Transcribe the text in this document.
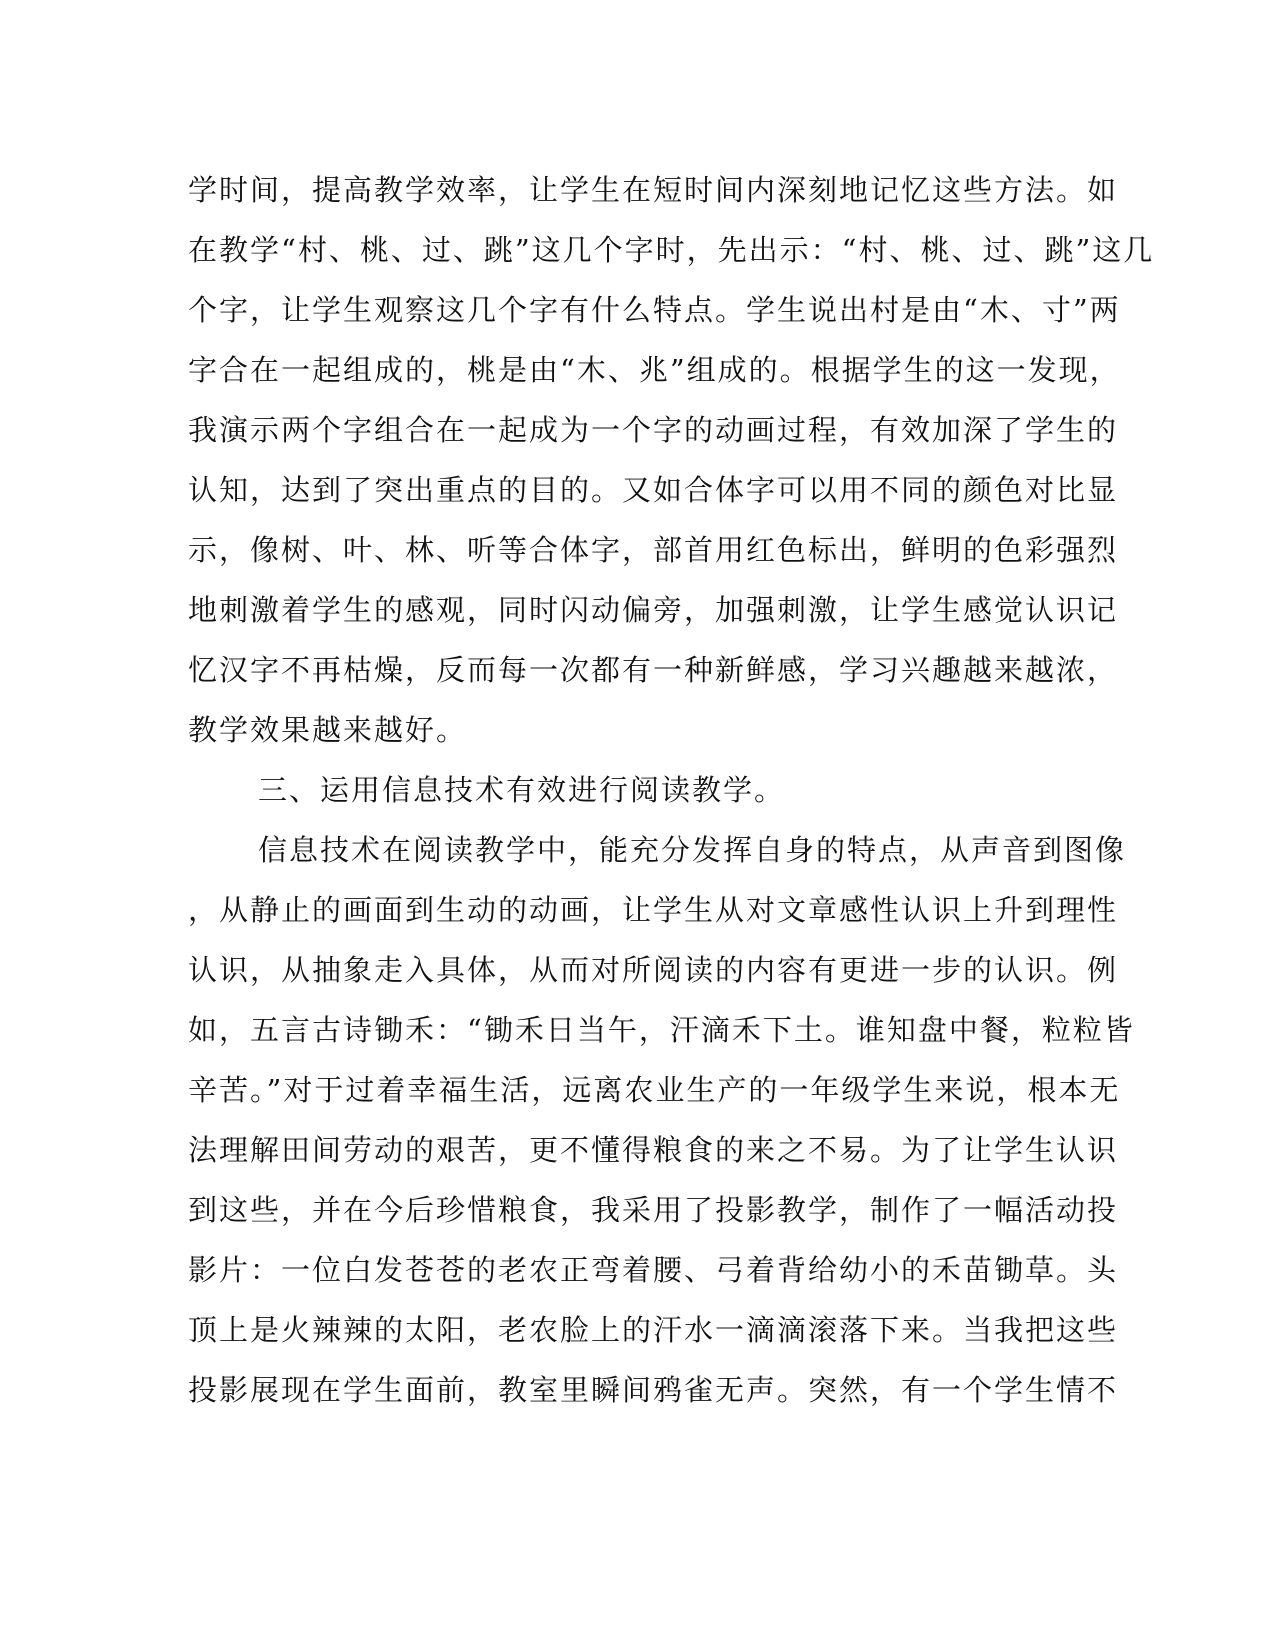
学时间，提高教学效率，让学生在短时间内深刻地记忆这些方法。如
在教学“村、桃、过、跳”这几个字时，先出示：“村、桃、过、跳”这几
个字，让学生观察这几个字有什么特点。学生说出村是由“木、寸”两
字合在一起组成的，桃是由“木、兆”组成的。根据学生的这一发现，
我演示两个字组合在一起成为一个字的动画过程，有效加深了学生的
认知，达到了突出重点的目的。又如合体字可以用不同的颜色对比显
示，像树、叶、林、听等合体字，部首用红色标出，鲜明的色彩强烈
地刺激着学生的感观，同时闪动偏旁，加强刺激，让学生感觉认识记
忆汉字不再枯燥，反而每一次都有一种新鲜感，学习兴趣越来越浓，
教学效果越来越好。
三、运用信息技术有效进行阅读教学。
信息技术在阅读教学中，能充分发挥自身的特点，从声音到图像
，从静止的画面到生动的动画，让学生从对文章感性认识上升到理性
认识，从抽象走入具体，从而对所阅读的内容有更进一步的认识。例
如，五言古诗锄禾：“锄禾日当午，汗滴禾下土。谁知盘中餐，粒粒皆
辛苦。”对于过着幸福生活，远离农业生产的一年级学生来说，根本无
法理解田间劳动的艰苦，更不懂得粮食的来之不易。为了让学生认识
到这些，并在今后珍惜粮食，我采用了投影教学，制作了一幅活动投
影片：一位白发苍苍的老农正弯着腰、弓着背给幼小的禾苗锄草。头
顶上是火辣辣的太阳，老农脸上的汗水一滴滴滚落下来。当我把这些
投影展现在学生面前，教室里瞬间鸦雀无声。突然，有一个学生情不
